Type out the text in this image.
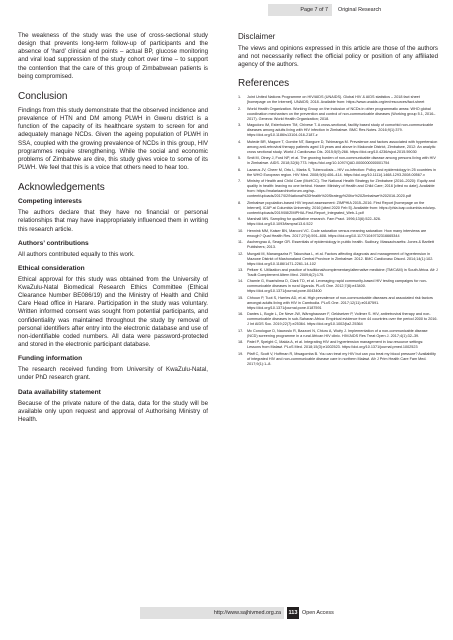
Page 7 of 7	Original Research

The weakness of the study was the use of cross-sectional study design that prevents long-term follow-up of participants and the absence of ‘hard’ clinical end points – actual BP, glucose monitoring and viral load suppression of the study cohort over time – to support the contention that the care of this group of Zimbabwean patients is being compromised.

Conclusion

Findings from this study demonstrate that the observed incidence and prevalence of HTN and DM among PLWH in Gweru district is a function of the capacity of its healthcare system to screen for and adequately manage NCDs. Given the ageing population of PLWH in SSA, coupled with the growing prevalence of NCDs in this group, HIV programmes require strengthening. While the social and economic problems of Zimbabwe are dire, this study gives voice to some of its PLWH. We feel that this is a voice that others need to hear too.

Acknowledgements
Competing interests

The authors declare that they have no financial or personal relationships that may have inappropriately influenced them in writing this research article.

Authors’ contributions

All authors contributed equally to this work.

Ethical consideration

Ethical approval for this study was obtained from the University of KwaZulu-Natal Biomedical Research Ethics Committee (Ethical Clearance Number BE086/19) and the Ministry of Health and Child Care Head office in Harare. Participation in the study was voluntary. Written informed consent was sought from potential participants, and confidentiality was maintained throughout the study by removal of personal identifiers after entry into the electronic database and use of non-identifiable coded numbers. All data were password-protected and stored in the electronic participant database.

Funding information

The research received funding from University of KwaZulu-Natal, under PhD research grant.

Data availability statement

Because of the private nature of the data, data for the study will be available only upon request and approval of Authorising Ministry of Health.

Disclaimer

The views and opinions expressed in this article are those of the authors and not necessarily reflect the official policy or position of any affiliated agency of the authors.

References
1. Joint United Nations Programme on HIV/AIDS (UNAIDS). Global HIV & AIDS statistics – 2018 fact sheet [homepage on the Internet]. UNAIDS; 2018. Available from: https://www.unaids.org/en/resources/fact-sheet
2. World Health Organization. Working Group on the inclusion of NCDs in other programmatic areas: WHO global coordination mechanism on the prevention and control of non-communicable diseases (Working group 5.1, 2016–2017). Geneva: World Health Organization; 2018.
3. Magodoro IM, Esterhuizen TM, Chivese T. A cross-sectional, facility based study of comorbid non-communicable diseases among adults living with HIV infection in Zimbabwe. BMC Res Notes. 2016;9(1):379. https://doi.org/10.1186/s13104-016-2187-z
4. Mutede BR, Magure T, Gombe NT, Bangure D, Tshimanga M. Prevalence and factors associated with hypertension among anti-retroviral therapy patients aged 15 years and above in Makonde District, Zimbabwe, 2012: An analytic cross sectional study. World J Cardiovasc Dis. 2015;5(9):266. https://doi.org/10.4236/wjcd.2015.59030
5. Smit M, Olney J, Ford NP, et al. The growing burden of non-communicable disease among persons living with HIV in Zimbabwe. AIDS. 2018;32(6):773. https://doi.org/10.1097/QAD.0000000000001754
6. Lazarus JV, Cheer M, Ortu L, Marks S, Tuberculósis – HIV co-infection: Policy and epidemiology in 25 countries in the WHO European region. HIV Med. 2008;9(6):406–414. https://doi.org/10.1111/j.1468-1293.2008.00567.x
7. Ministry of Health and Child Care (MoHCC). The National Health Strategy for Zimbabwe (2016–2020): Equity and quality in health: leaving no one behind. Harare: Ministry of Health and Child Care; 2016 [cited no date]. Available from: https://malariaarchiveforum.org/wp-content/uploads/2017/02/National%20Health%20Strategy%20for%20Zimbabwe%202016-2020.pdf
8. Zimbabwe population-based HIV impact assessment: ZIMPHIA 2015–2016. First Report [homepage on the Internet]. ICAP at Columbia University; 2016 [cited 2020 Feb 5]. Available from: https://phia.icap.columbia.edu/wp-content/uploads/2019/08/ZIMPHIA-First-Report_Integrated_Web-1.pdf
9. Marshall MN. Sampling for qualitative research. Fam Pract. 1996;13(6):522–526. https://doi.org/10.1093/fampra/13.6.522
10. Hennink MM, Kaiser BN, Marconi VC. Code saturation versus meaning saturation: How many interviews are enough? Qual Health Res. 2017;27(4):591–608. https://doi.org/10.1177/1049732316665344
11. Aschengrau A, Seage GR. Essentials of epidemiology in public health. Sudbury, Massachusetts: Jones & Bartlett Publishers; 2013.
12. Mungati M, Manangazira P, Takundwa L, et al. Factors affecting diagnosis and management of hypertension in Mazowe District of Mashonaland Central Province in Zimbabwe: 2012. BMC Cardiovasc Disord. 2014;14(1):102. https://doi.org/10.1186/1471-2261-14-102
13. Peltzer K. Utilization and practice of traditional/complementary/alternative medicine (TM/CAM) in South Africa. Afr J Tradit Complement Altern Med. 2009;6(2):175.
14. Chamie G, Kwarisiima D, Clark TD, et al. Leveraging rapid community-based HIV testing campaigns for non-communicable diseases in rural Uganda. PLoS One. 2012;7(8):e43400. https://doi.org/10.1371/journal.pone.0043400
15. Chhoun P, Tuot S, Harries AD, et al. High prevalence of non-communicable diseases and associated risk factors amongst adults living with HIV in Cambodia. PLoS One. 2017;12(11):e0187591. https://doi.org/10.1371/journal.pone.0187591
16. Dantes L, Bogle L, De Neve JW, Wärnghausser F, Geldsetzer P, Vollmer S. HIV, antiretroviral therapy and non-communicable diseases in sub-Saharan Africa: Empirical evidence from 44 countries over the period 2000 to 2016. J Int AIDS Soc. 2019;22(7):e25364. https://doi.org/10.1002/jia2.25364
17. Mc Conologue D, Nauroslo R, Bazzoni N, Chiuru A, Wuëy J. Implementation of a non-communicable disease (NCD) screening programme in a rural African HIV clinic. HIV/AIDS Res Treat Open J. 2017;4(1):32–39.
18. Patel P, Speight C, Maida A, et al. Integrating HIV and hypertension management in low-resource settings: Lessons from Malawi. PLoS Med. 2018;15(3):e1002523. https://doi.org/10.1371/journal.pmed.1002523
19. Pfaff C, Scott V, Hoffman R, Mwagomba B. You can treat my HIV but can you treat my blood pressure? Availability of integrated HIV and non-communicable disease care in northern Malawi. Afr J Prim Health Care Fam Med. 2017;9(1):1–8.
http://www.sajhivmed.org.za	113 Open Access
